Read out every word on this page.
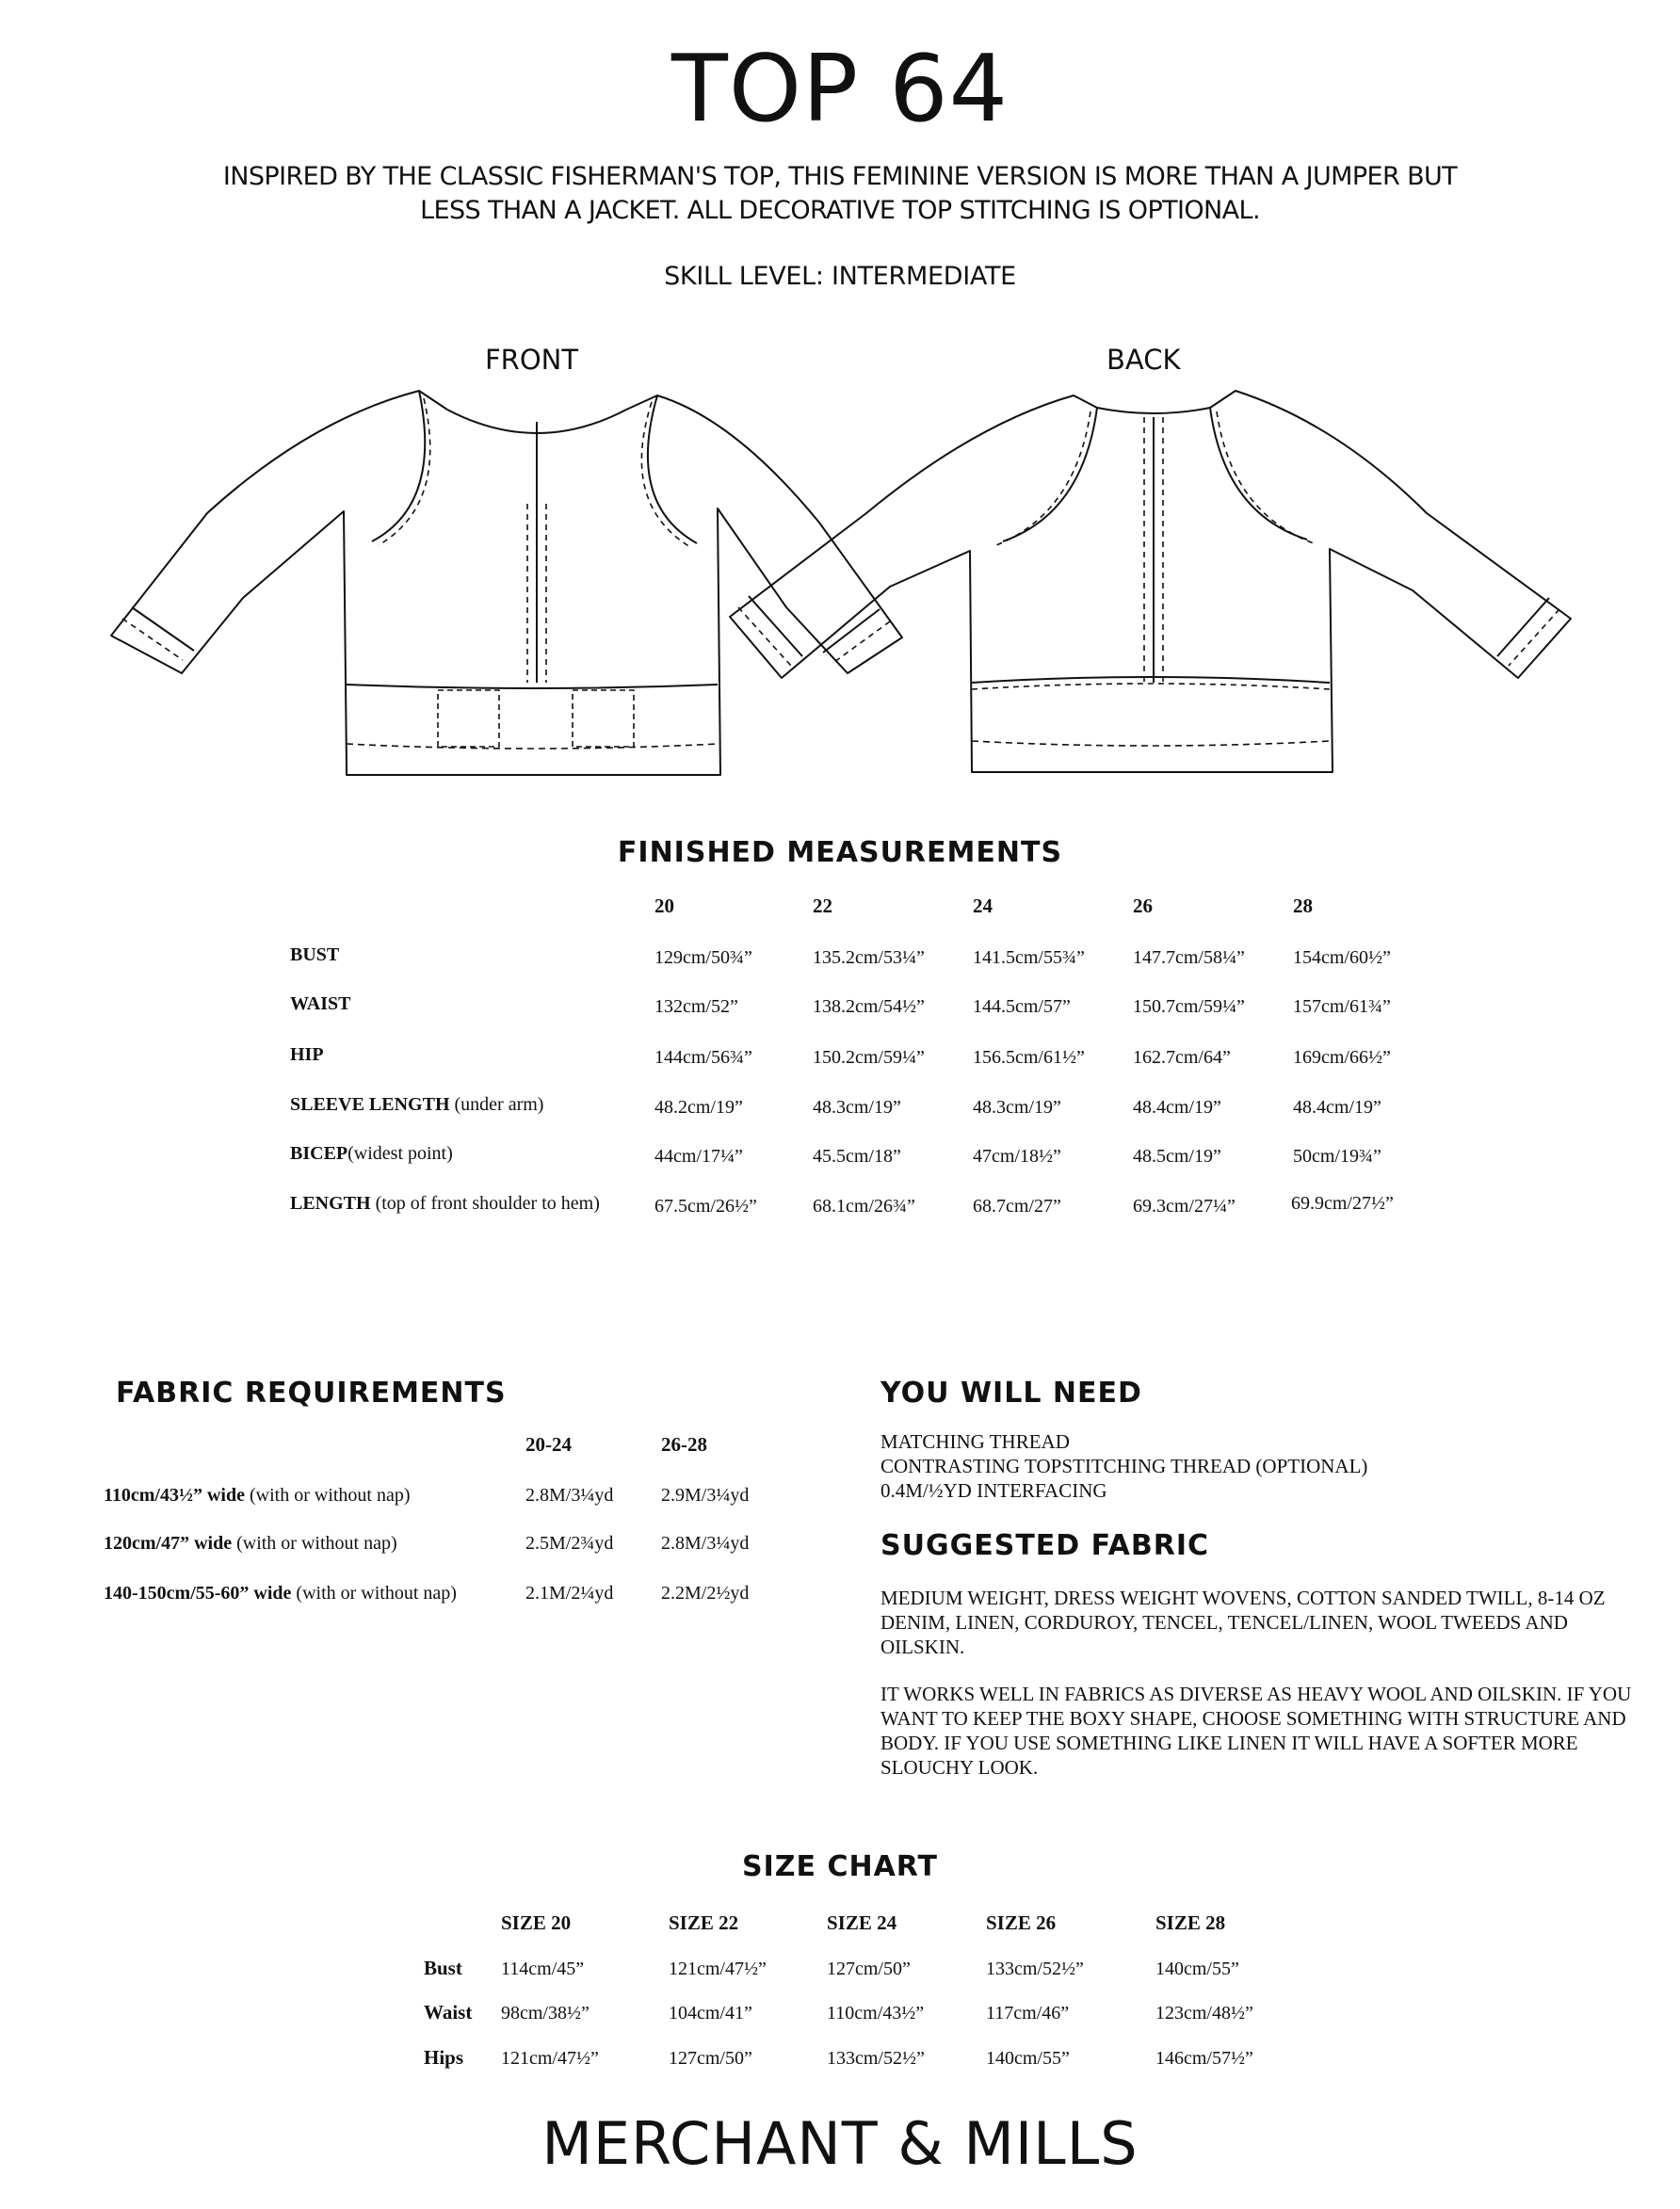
TOP 64
INSPIRED BY THE CLASSIC FISHERMAN'S TOP, THIS FEMININE VERSION IS MORE THAN A JUMPER BUT
LESS THAN A JACKET. ALL DECORATIVE TOP STITCHING IS OPTIONAL.
SKILL LEVEL: INTERMEDIATE
FRONT	BACK
FINISHED MEASUREMENTS
20	22	24	26	28
BUST	129cm/50¾”	135.2cm/53¼”	141.5cm/55¾”	147.7cm/58¼”	154cm/60½”
WAIST	132cm/52”	138.2cm/54½”	144.5cm/57”	150.7cm/59¼”	157cm/61¾”
HIP	144cm/56¾”	150.2cm/59¼”	156.5cm/61½”	162.7cm/64”	169cm/66½”
SLEEVE LENGTH (under arm)	48.2cm/19”	48.3cm/19”	48.3cm/19”	48.4cm/19”	48.4cm/19”
BICEP(widest point)	44cm/17¼”	45.5cm/18”	47cm/18½”	48.5cm/19”	50cm/19¾”
LENGTH (top of front shoulder to hem)	67.5cm/26½”	68.1cm/26¾”	68.7cm/27”	69.3cm/27¼”	69.9cm/27½”
FABRIC REQUIREMENTS
20-24	26-28
110cm/43½” wide (with or without nap)	2.8M/3¼yd	2.9M/3¼yd
120cm/47” wide (with or without nap)	2.5M/2¾yd	2.8M/3¼yd
140-150cm/55-60” wide (with or without nap)	2.1M/2¼yd	2.2M/2½yd
YOU WILL NEED
MATCHING THREAD
CONTRASTING TOPSTITCHING THREAD (OPTIONAL)
0.4M/½YD INTERFACING
SUGGESTED FABRIC
MEDIUM WEIGHT, DRESS WEIGHT WOVENS, COTTON SANDED TWILL, 8-14 OZ DENIM, LINEN, CORDUROY, TENCEL, TENCEL/LINEN, WOOL TWEEDS AND OILSKIN.
IT WORKS WELL IN FABRICS AS DIVERSE AS HEAVY WOOL AND OILSKIN. IF YOU WANT TO KEEP THE BOXY SHAPE, CHOOSE SOMETHING WITH STRUCTURE AND BODY. IF YOU USE SOMETHING LIKE LINEN IT WILL HAVE A SOFTER MORE SLOUCHY LOOK.
SIZE CHART
SIZE 20	SIZE 22	SIZE 24	SIZE 26	SIZE 28
Bust 114cm/45”	121cm/47½”	127cm/50”	133cm/52½”	140cm/55”
Waist 98cm/38½”	104cm/41”	110cm/43½”	117cm/46”	123cm/48½”
Hips 121cm/47½”	127cm/50”	133cm/52½”	140cm/55”	146cm/57½”
MERCHANT & MILLS
